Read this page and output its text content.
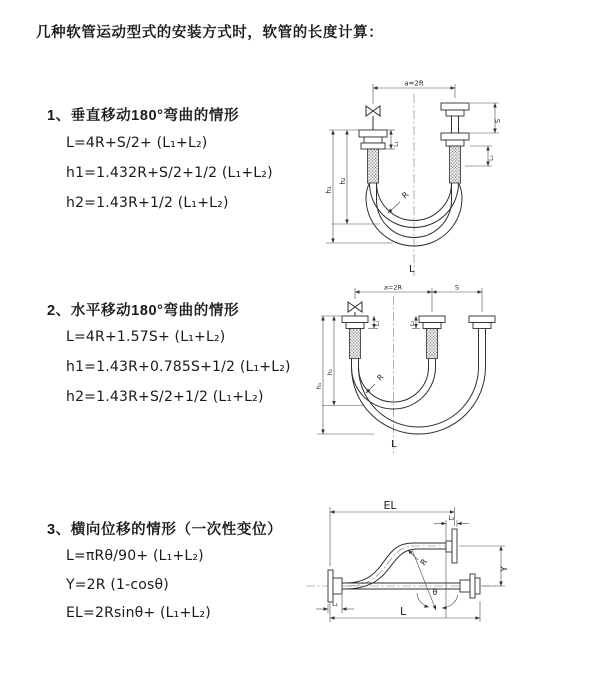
几种软管运动型式的安装方式时，软管的长度计算：
1、垂直移动180°弯曲的情形
L=4R+S/2+ (L₁+L₂)
h1=1.432R+S/2+1/2 (L₁+L₂)
h2=1.43R+1/2 (L₁+L₂)
2、水平移动180°弯曲的情形
L=4R+1.57S+ (L₁+L₂)
h1=1.43R+0.785S+1/2 (L₁+L₂)
h2=1.43R+S/2+1/2 (L₁+L₂)
3、横向位移的情形（一次性变位）
L=πRθ/90+ (L₁+L₂)
Y=2R (1-cosθ)
EL=2Rsinθ+ (L₁+L₂)
a=2R
h₂
h₁
L₁
S
L₂
R
L
a=2R	S
h₂
h₁
L₁	L₂
R
L
EL
L₂
Y
L
L₁
R
θ
